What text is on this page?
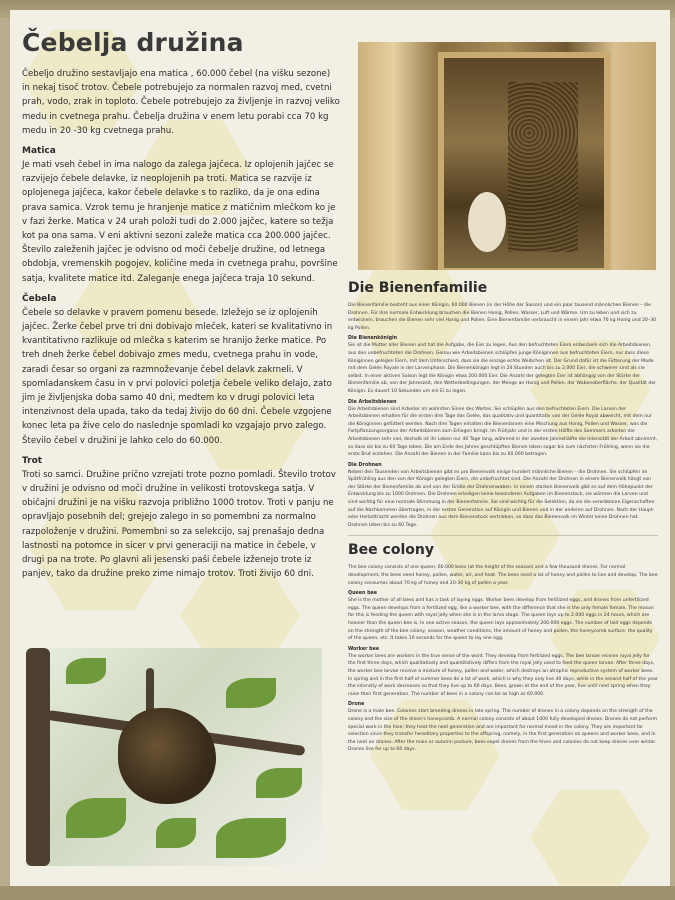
Čebelja družina

Čebeljo družino sestavljajo ena matica , 60.000 čebel (na višku sezone) in nekaj tisoč trotov. Čebele potrebujejo za normalen razvoj med, cvetni prah, vodo, zrak in toploto. Čebele potrebujejo za življenje in razvoj veliko medu in cvetnega prahu. Čebelja družina v enem letu porabi cca 70 kg medu in 20 -30 kg cvetnega prahu.

Matica

Je mati vseh čebel in ima nalogo da zalega jajčeca. Iz oplojenih jajčec se razvijejo čebele delavke, iz neoplojenih pa troti. Matica se razvije iz oplojenega jajčeca, kakor čebele delavke s to razliko, da je ona edina prava samica. Vzrok temu je hranjenje matice z matičnim mlečkom ko je v fazi žerke. Matica v 24 urah položi tudi do 2.000 jajčec, katere so težja kot pa ona sama. V eni aktivni sezoni zaleže matica cca 200.000 jajčec. Število zaleženih jajčec je odvisno od moči čebelje družine, od letnega obdobja, vremenskih pogojev, količine meda in cvetnega prahu, površine satja, kvalitete matice itd. Zaleganje enega jajčeca traja 10 sekund.

Čebela

Čebele so delavke v pravem pomenu besede. Izležejo se iz oplojenih jajčec. Žerke čebel prve tri dni dobivajo mleček, kateri se kvalitativno in kvantitativno razlikuje od mlečka s katerim se hranijo žerke matice. Po treh dneh žerke čebel dobivajo zmes medu, cvetnega prahu in vode, zaradi česar so organi za razmnoževanje čebel delavk zakrneli. V spomladanskem času in v prvi polovici poletja čebele veliko delajo, zato jim je življenjska doba samo 40 dni, medtem ko v drugi polovici leta intenzivnost dela upada, tako da tedaj živijo do 60 dni. Čebele vzgojene konec leta pa žive celo do naslednje spomladi ko vzgajajo prvo zalego. Število čebel v družini je lahko celo do 60.000.

Trot

Troti so samci. Družine prično vzrejati trote pozno pomladi. Število trotov v družini je odvisno od moči družine in velikosti trotovskega satja. V običajni družini je na višku razvoja približno 1000 trotov. Troti v panju ne opravljajo posebnih del; grejejo zalego in so pomembni za normalno razpoloženje v družini. Pomembni so za selekcijo, saj prenašajo dedna lastnosti na potomce in sicer v prvi generaciji na matice in čebele, v drugi pa na trote. Po glavni ali jesenski paši čebele izženejo trote iz panjev, tako da družine preko zime nimajo trotov. Troti živijo 60 dni.

Die Bienenfamilie

Die Bienenfamilie besteht aus einer Königin, 60.000 Bienen (in der Höhe der Saison) und ein paar tausend männlichen Bienen – die Drohnen. Für ihre normale Entwicklung brauchen die Bienen Honig, Pollen, Wasser, Luft und Wärme. Um zu leben und sich zu entwickeln, brauchen die Bienen sehr viel Honig und Pollen. Eine Bienenfamilie verbraucht in einem Jahr etwa 70 kg Honig und 20–30 kg Pollen.

Die Bienenkönigin

Sie ist die Mutter aller Bienen und hat die Aufgabe, die Eier zu legen. Aus den befruchteten Eiern entwickeln sich die Arbeitsbienen, aus den unbefruchteten die Drohnen. Genau wie Arbeitsbienen schlüpfen junge Königinnen aus befruchteten Eiern, nur dass diese Königinnen gelegen Eiern, mit dem Unterschied, dass sie die einzige echte Weibchen ist. Der Grund dafür ist die Fütterung der Made mit dem Gelée Royale in der Larvenphase. Die Bienenkönigin legt in 24 Stunden auch bis zu 2.000 Eier, die schwerer sind als sie selbst. In einer aktiven Saison legt die Königin etwa 200.000 Eier. Die Anzahl der gelegten Eier ist abhängig von der Stärke der Bienenfamilie ab, von der Jahreszeit, den Wetterbedingungen, der Menge an Honig und Pollen, der Wabenoberfläche, der Qualität der Königin. Es dauert 10 Sekunden um ein Ei zu legen.

Die Arbeitsbienen

Die Arbeitsbienen sind Arbeiter im wahrsten Sinne des Wortes. Sie schlüpfen aus den befruchteten Eiern. Die Larven der Arbeitsbienen erhalten für die ersten drei Tage das Gelée, das qualitativ und quantitativ von der Gelée Royal abweicht, mit dem nur die Königinnen gefüttert werden. Nach drei Tagen erhalten die Bienenlarven eine Mischung aus Honig, Pollen und Wasser, was die Fortpflanzungsorgane der Arbeitsbienen zum Erliegen bringt. Im Frühjahr und in der ersten Hälfte des Sommers arbeiten die Arbeitsbienen sehr viel, deshalb ist ihr Leben nur 40 Tage lang, während in der zweiten Jahreshälfte die Intensität der Arbeit abnimmt, so dass sie bis zu 60 Tage leben. Die am Ende des Jahres geschlüpften Bienen leben sogar bis zum nächsten Frühling, wenn sie die erste Brut erziehen. Die Anzahl der Bienen in der Familie kann bis zu 60.000 betragen.

Die Drohnen

Neben den Tausenden von Arbeitsbienen gibt es pro Bienenvolk einige hundert männliche Bienen – die Drohnen. Sie schlüpfen im Spätfrühling aus den von der Königin gelegten Eiern, die unbefruchtet sind. Die Anzahl der Drohnen in einem Bienenvolk hängt von der Stärke der Bienenfamilie ab und von der Größe der Drohnenwaben. In einem starken Bienenvolk gibt es auf dem Höhepunkt der Entwicklung bis zu 1000 Drohnen. Die Drohnen erledigen keine besonderen Aufgaben im Bienenstock, sie wärmen die Larven und sind wichtig für eine normale Stimmung in der Bienenfamilie. Sie sind wichtig für die Selektion, da sie die vererbbaren Eigenschaften auf die Nachkommen übertragen, in der ersten Generation auf Königin und Bienen und in der anderen auf Drohnen. Nach der Haupt- oder Herbsttracht werden die Drohnen aus dem Bienenstock vertrieben, so dass das Bienenvolk im Winter keine Drohnen hat. Drohnen leben bis zu 60 Tage.

Bee colony

The bee colony consists of one queen, 60.000 bees (at the height of the season) and a few thousand drones. For normal development, the bees need honey, pollen, water, air, and heat. The bees need a lot of honey and pollen to live and develop. The bee colony consumes about 70 kg of honey and 20-30 kg of pollen a year.

Queen bee

She is the mother of all bees and has a task of laying eggs. Worker bees develop from fertilized eggs, and drones from unfertilized eggs. The queen develops from a fertilized egg, like a worker bee, with the difference that she is the only female female. The reason for this is feeding the queen with royal jelly when she is in the larva stage. The queen lays up to 2.000 eggs in 24 hours, which are heavier than the queen bee is. In one active season, the queen lays approximately 200.000 eggs. The number of laid eggs depends on the strength of the bee colony, season, weather conditions, the amount of honey and pollen, the honeycomb surface, the quality of the queen, etc. It takes 10 seconds for the queen to lay one egg.

Worker bee

The worker bees are workers in the true sense of the word. They develop from fertilized eggs. The bee larvae receive royal jelly for the first three days, which qualitatively and quantitatively differs from the royal jelly used to feed the queen larvae. After three days, the worker bee larvae receive a mixture of honey, pollen and water, which destroys an atrophic reproductive system of worker bees. In spring and in the first half of summer bees do a lot of work, which is why they only live 40 days, while in the second half of the year the intensity of work decreases so that they live up to 60 days. Bees, grown at the end of the year, live until next spring when they raise their first generation. The number of bees in a colony can be as high as 60.000.

Drone

Drone is a male bee. Colonies start breeding drones in late spring. The number of drones in a colony depends on the strength of the colony and the size of the drone's honeycomb. A normal colony consists of about 1000 fully developed drones. Drones do not perform special work in the hive; they heat the next generation and are important for normal mood in the colony. They are important for selection since they transfer hereditary properties to the offspring, namely, in the first generation on queens and worker bees, and in the next on drones. After the main or autumn pasture, bees expel drones from the hives and colonies do not keep drones over winter. Drones live for up to 60 days.
